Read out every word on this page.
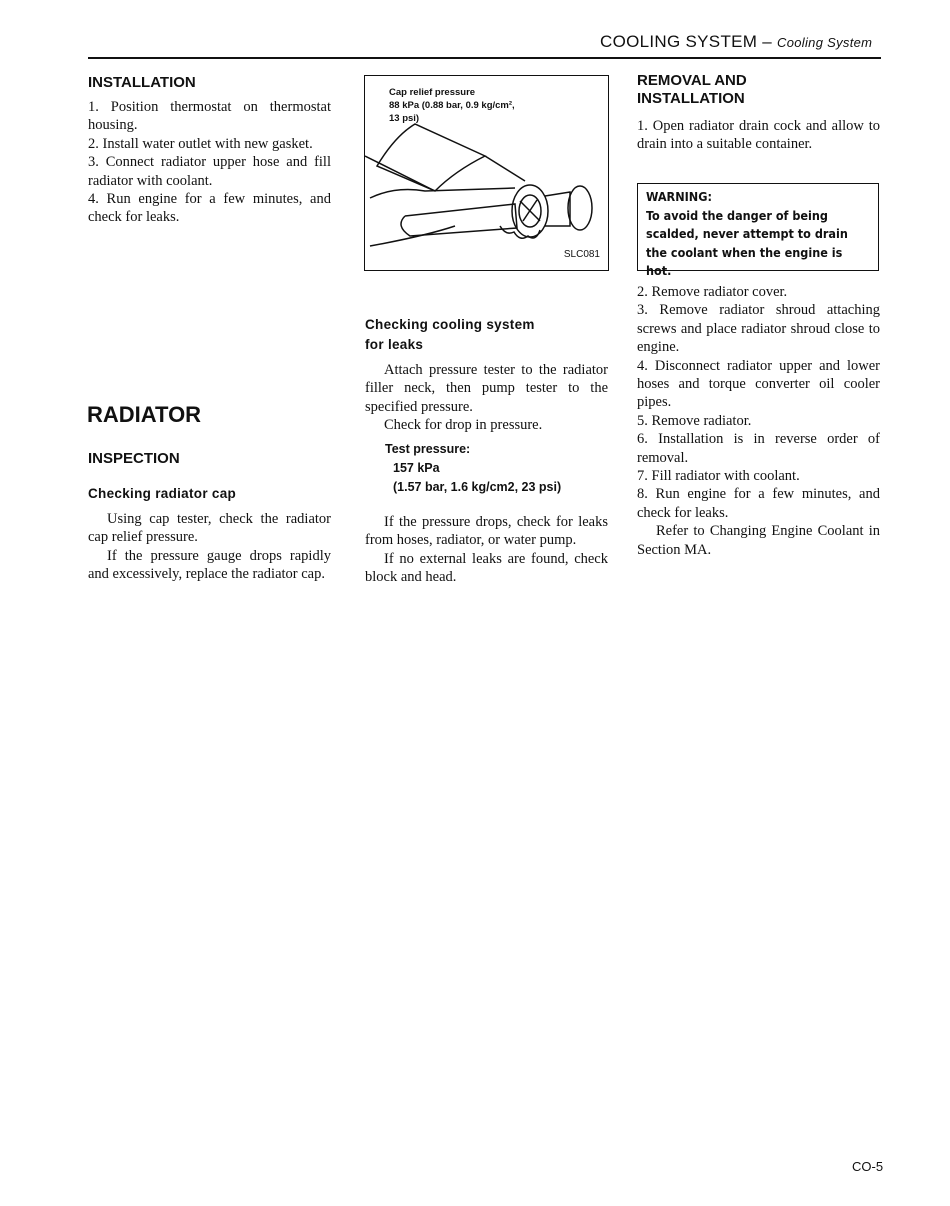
COOLING SYSTEM – Cooling System
INSTALLATION

1. Position thermostat on thermostat housing.

2. Install water outlet with new gasket.

3. Connect radiator upper hose and fill radiator with coolant.

4. Run engine for a few minutes, and check for leaks.

RADIATOR
INSPECTION
Checking radiator cap

Using cap tester, check the radiator cap relief pressure.

If the pressure gauge drops rapidly and excessively, replace the radiator cap.

Cap relief pressure
88 kPa (0.88 bar, 0.9 kg/cm²,
13 psi)
SLC081
Checking cooling system
for leaks

Attach pressure tester to the radiator filler neck, then pump tester to the specified pressure.

Check for drop in pressure.

Test pressure:
157 kPa
(1.57 bar, 1.6 kg/cm2, 23 psi)

If the pressure drops, check for leaks from hoses, radiator, or water pump.

If no external leaks are found, check block and head.

REMOVAL AND
INSTALLATION
1. Open radiator drain cock and allow to drain into a suitable container.
WARNING:
To avoid the danger of being scalded, never attempt to drain the coolant when the engine is hot.

2. Remove radiator cover.

3. Remove radiator shroud attaching screws and place radiator shroud close to engine.

4. Disconnect radiator upper and lower hoses and torque converter oil cooler pipes.

5. Remove radiator.

6. Installation is in reverse order of removal.

7. Fill radiator with coolant.

8. Run engine for a few minutes, and check for leaks.

Refer to Changing Engine Coolant in Section MA.

CO-5
